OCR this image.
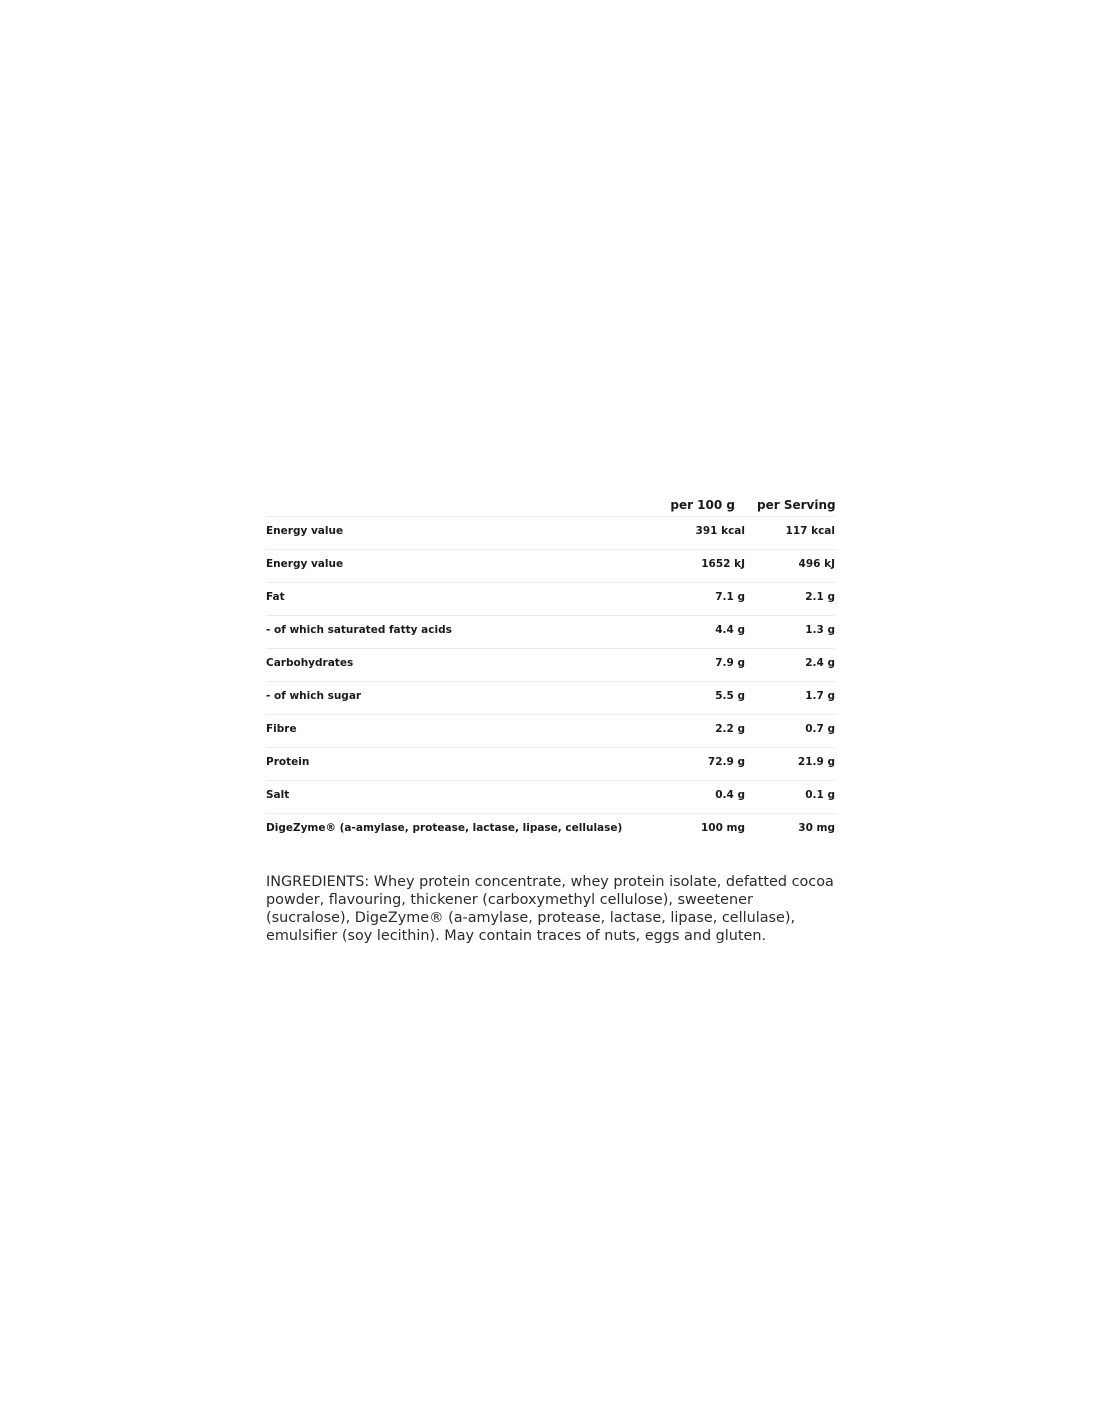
per 100 g per Serving
Energy value	391 kcal	117 kcal
Energy value	1652 kJ	496 kJ
Fat	7.1 g	2.1 g
- of which saturated fatty acids	4.4 g	1.3 g
Carbohydrates	7.9 g	2.4 g
- of which sugar	5.5 g	1.7 g
Fibre	2.2 g	0.7 g
Protein	72.9 g	21.9 g
Salt	0.4 g	0.1 g
DigeZyme® (a-amylase, protease, lactase, lipase, cellulase)	100 mg	30 mg

INGREDIENTS: Whey protein concentrate, whey protein isolate, defatted cocoa powder, flavouring, thickener (carboxymethyl cellulose), sweetener (sucralose), DigeZyme® (a-amylase, protease, lactase, lipase, cellulase), emulsifier (soy lecithin). May contain traces of nuts, eggs and gluten.
